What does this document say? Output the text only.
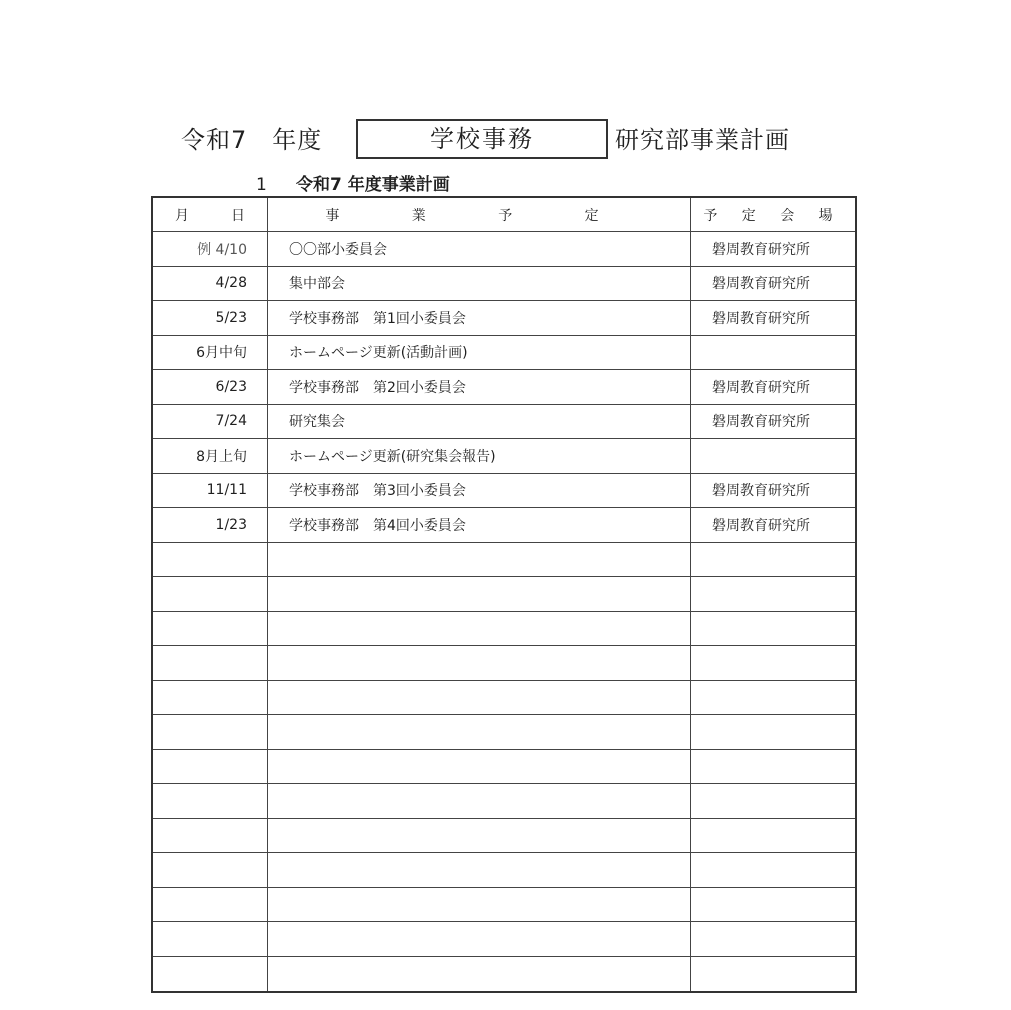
令和7　年度	学校事務	研究部事業計画
1 令和7 年度事業計画
月　日	事 業 予 定	予 定 会 場
例 4/10	〇〇部小委員会	磐周教育研究所
4/28	集中部会	磐周教育研究所
5/23	学校事務部　第1回小委員会	磐周教育研究所
6月中旬	ホームページ更新(活動計画)
6/23	学校事務部　第2回小委員会	磐周教育研究所
7/24	研究集会	磐周教育研究所
8月上旬	ホームページ更新(研究集会報告)
11/11	学校事務部　第3回小委員会	磐周教育研究所
1/23	学校事務部　第4回小委員会	磐周教育研究所
